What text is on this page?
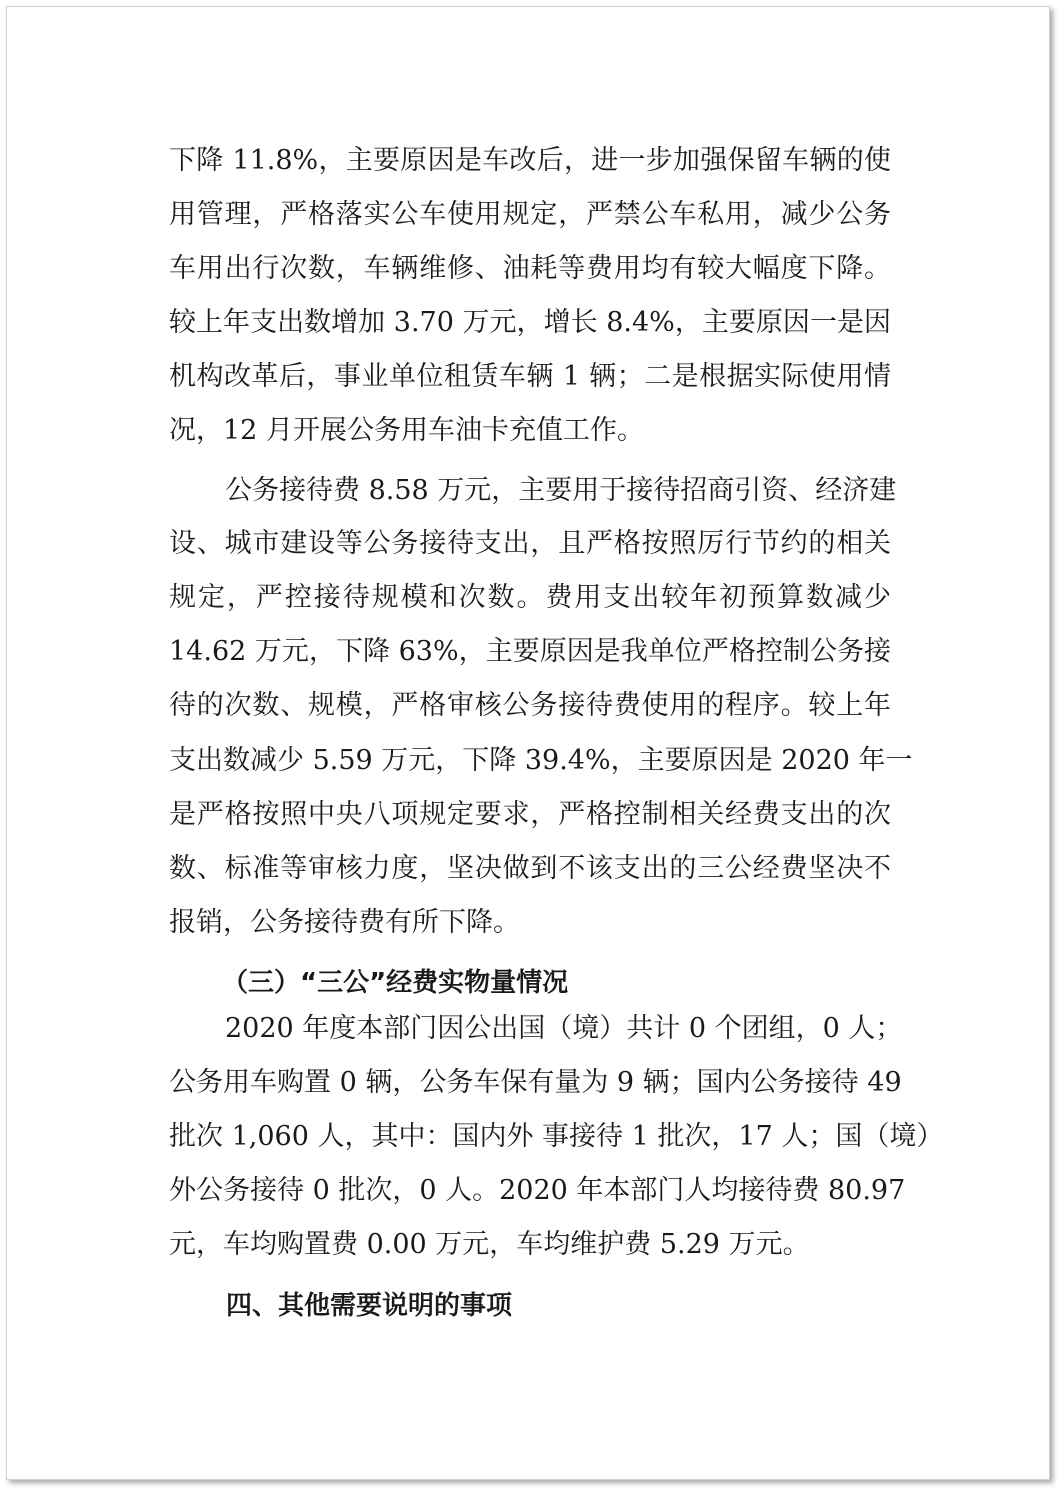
下降 11.8%，主要原因是车改后，进一步加强保留车辆的使

用管理，严格落实公车使用规定，严禁公车私用，减少公务

车用出行次数，车辆维修、油耗等费用均有较大幅度下降。

较上年支出数增加 3.70 万元，增长 8.4%，主要原因一是因

机构改革后，事业单位租赁车辆 1 辆；二是根据实际使用情

况，12 月开展公务用车油卡充值工作。

公务接待费 8.58 万元，主要用于接待招商引资、经济建

设、城市建设等公务接待支出，且严格按照厉行节约的相关

规定，严控接待规模和次数。费用支出较年初预算数减少

14.62 万元，下降 63%，主要原因是我单位严格控制公务接

待的次数、规模，严格审核公务接待费使用的程序。较上年

支出数减少 5.59 万元，下降 39.4%，主要原因是 2020 年一

是严格按照中央八项规定要求，严格控制相关经费支出的次

数、标准等审核力度，坚决做到不该支出的三公经费坚决不

报销，公务接待费有所下降。

（三）“三公”经费实物量情况

2020 年度本部门因公出国（境）共计 0 个团组，0 人；

公务用车购置 0 辆，公务车保有量为 9 辆；国内公务接待 49

批次 1,060 人，其中：国内外 事接待 1 批次，17 人；国（境）

外公务接待 0 批次，0 人。2020 年本部门人均接待费 80.97

元，车均购置费 0.00 万元，车均维护费 5.29 万元。

四、其他需要说明的事项
